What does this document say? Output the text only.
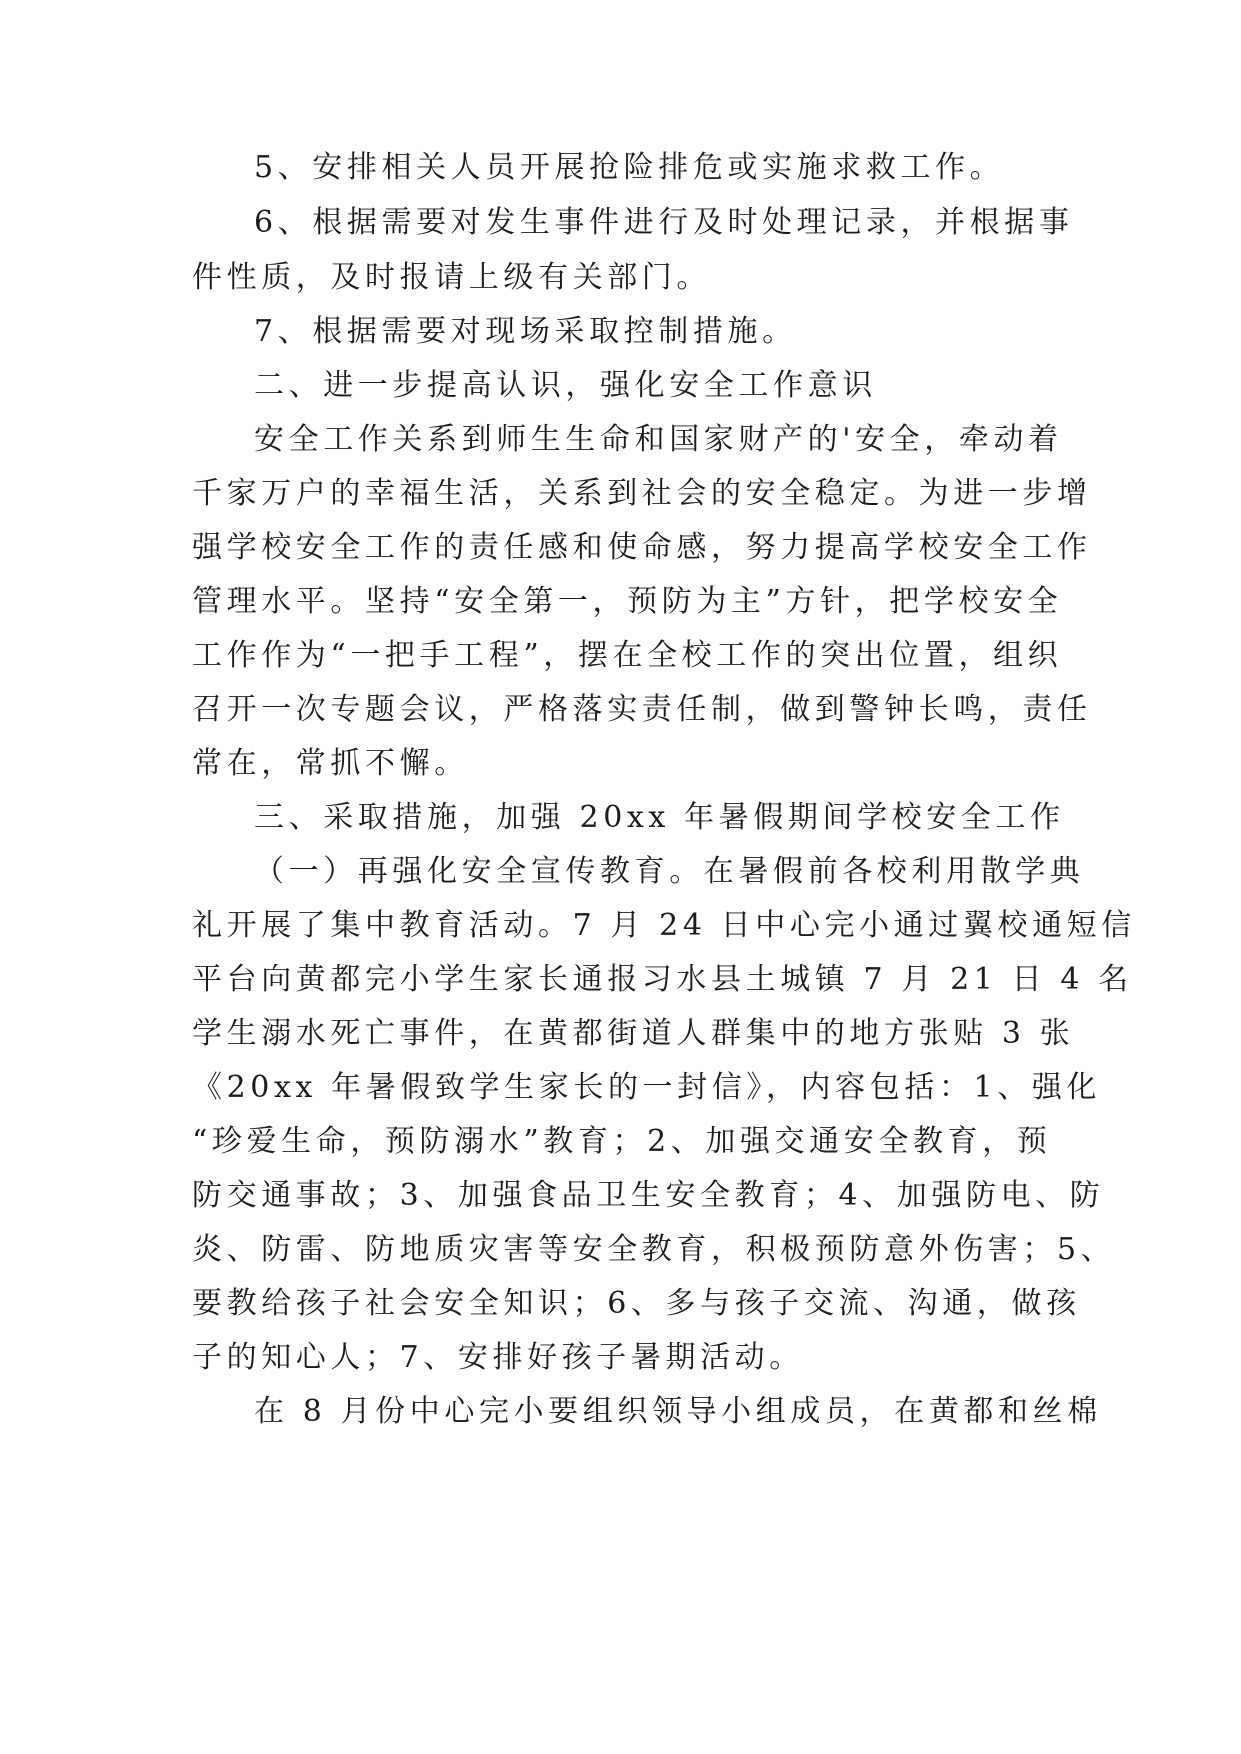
5、安排相关人员开展抢险排危或实施求救工作。

6、根据需要对发生事件进行及时处理记录，并根据事

件性质，及时报请上级有关部门。

7、根据需要对现场采取控制措施。

二、进一步提高认识，强化安全工作意识

安全工作关系到师生生命和国家财产的'安全，牵动着

千家万户的幸福生活，关系到社会的安全稳定。为进一步增

强学校安全工作的责任感和使命感，努力提高学校安全工作

管理水平。坚持“安全第一，预防为主”方针，把学校安全

工作作为“一把手工程”，摆在全校工作的突出位置，组织

召开一次专题会议，严格落实责任制，做到警钟长鸣，责任

常在，常抓不懈。

三、采取措施，加强 20xx 年暑假期间学校安全工作

（一）再强化安全宣传教育。在暑假前各校利用散学典

礼开展了集中教育活动。7 月 24 日中心完小通过翼校通短信

平台向黄都完小学生家长通报习水县土城镇 7 月 21 日 4 名

学生溺水死亡事件，在黄都街道人群集中的地方张贴 3 张

《20xx 年暑假致学生家长的一封信》，内容包括：1、强化

“珍爱生命，预防溺水”教育；2、加强交通安全教育，预

防交通事故；3、加强食品卫生安全教育；4、加强防电、防

炎、防雷、防地质灾害等安全教育，积极预防意外伤害；5、

要教给孩子社会安全知识；6、多与孩子交流、沟通，做孩

子的知心人；7、安排好孩子暑期活动。

在 8 月份中心完小要组织领导小组成员，在黄都和丝棉
